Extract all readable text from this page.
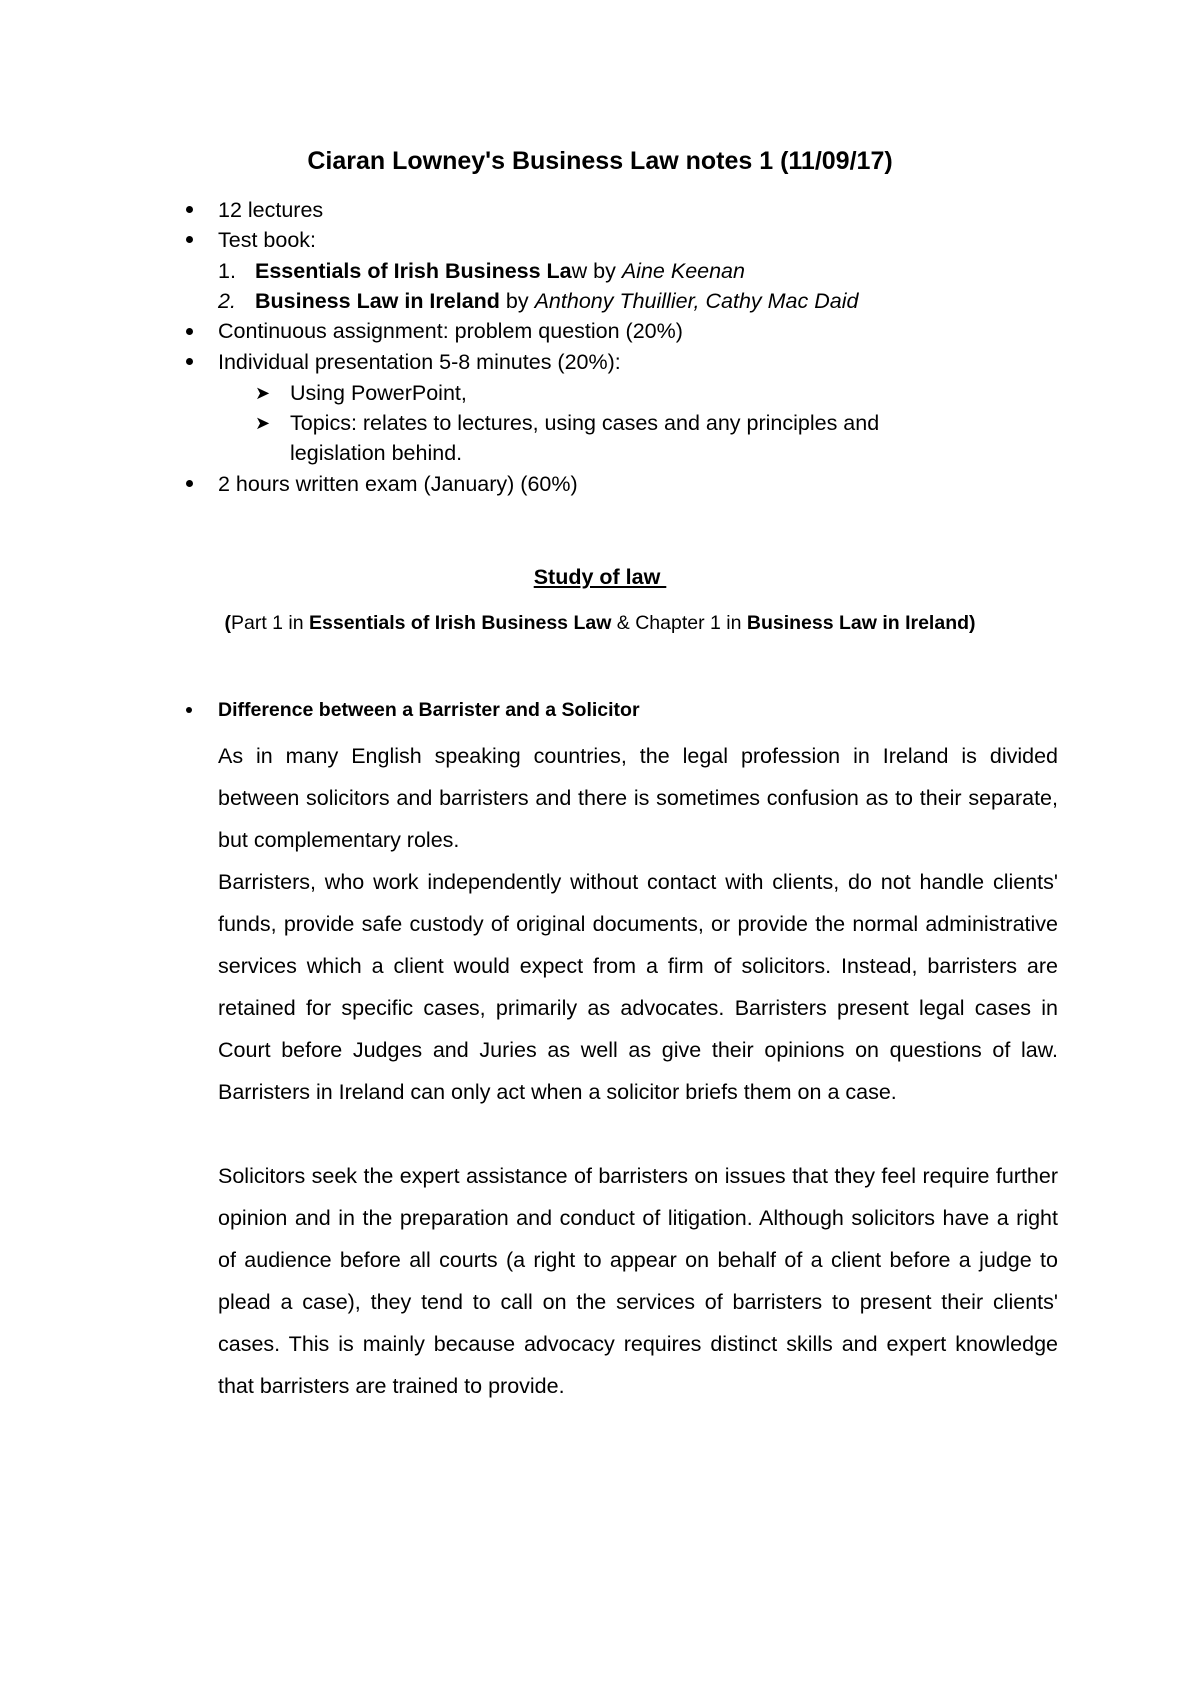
Ciaran Lowney's Business Law notes 1 (11/09/17)
12 lectures
Test book:
1. Essentials of Irish Business Law by Aine Keenan
2. Business Law in Ireland by Anthony Thuillier, Cathy Mac Daid
Continuous assignment: problem question (20%)
Individual presentation 5-8 minutes (20%):
➤ Using PowerPoint,
➤ Topics: relates to lectures, using cases and any principles and
legislation behind.
2 hours written exam (January) (60%)
Study of law
(Part 1 in Essentials of Irish Business Law & Chapter 1 in Business Law in Ireland)
Difference between a Barrister and a Solicitor
As in many English speaking countries, the legal profession in Ireland is divided between solicitors and barristers and there is sometimes confusion as to their separate, but complementary roles.
Barristers, who work independently without contact with clients, do not handle clients' funds, provide safe custody of original documents, or provide the normal administrative services which a client would expect from a firm of solicitors. Instead, barristers are retained for specific cases, primarily as advocates. Barristers present legal cases in Court before Judges and Juries as well as give their opinions on questions of law. Barristers in Ireland can only act when a solicitor briefs them on a case.
Solicitors seek the expert assistance of barristers on issues that they feel require further opinion and in the preparation and conduct of litigation. Although solicitors have a right of audience before all courts (a right to appear on behalf of a client before a judge to plead a case), they tend to call on the services of barristers to present their clients' cases. This is mainly because advocacy requires distinct skills and expert knowledge that barristers are trained to provide.
